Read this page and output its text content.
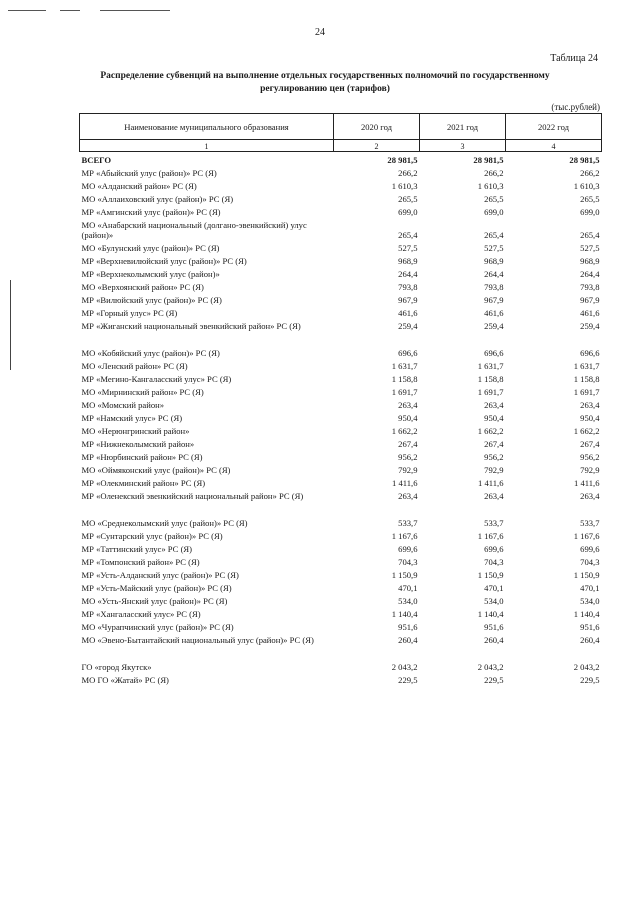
24
Таблица 24
Распределение субвенций на выполнение отдельных государственных полномочий по государственному регулированию цен (тарифов)
(тыс.рублей)
Наименование муниципального образования	2020 год	2021 год	2022 год
1	2	3	4
ВСЕГО	28 981,5	28 981,5	28 981,5
МР «Абыйский улус (район)» РС (Я)	266,2	266,2	266,2
МО «Алданский район» РС (Я)	1 610,3	1 610,3	1 610,3
МО «Аллаиховский улус (район)» РС (Я)	265,5	265,5	265,5
МР «Амгинский улус (район)» РС (Я)	699,0	699,0	699,0
МО «Анабарский национальный (долгано-эвенкийский) улус (район)»	265,4	265,4	265,4
МО «Булунский улус (район)» РС (Я)	527,5	527,5	527,5
МР «Верхневилюйский улус (район)» РС (Я)	968,9	968,9	968,9
МР «Верхнеколымский улус (район)»	264,4	264,4	264,4
МО «Верхоянский район» РС (Я)	793,8	793,8	793,8
МР «Вилюйский улус (район)» РС (Я)	967,9	967,9	967,9
МР «Горный улус» РС (Я)	461,6	461,6	461,6
МР «Жиганский национальный эвенкийский район» РС (Я)	259,4	259,4	259,4

МО «Кобяйский улус (район)» РС (Я)	696,6	696,6	696,6
МО «Ленский район» РС (Я)	1 631,7	1 631,7	1 631,7
МР «Мегино-Кангаласский улус» РС (Я)	1 158,8	1 158,8	1 158,8
МО «Мирнинский район» РС (Я)	1 691,7	1 691,7	1 691,7
МО «Момский район»	263,4	263,4	263,4
МР «Намский улус» РС (Я)	950,4	950,4	950,4
МО «Нерюнгринский район»	1 662,2	1 662,2	1 662,2
МР «Нижнеколымский район»	267,4	267,4	267,4
МР «Нюрбинский район» РС (Я)	956,2	956,2	956,2
МО «Оймяконский улус (район)» РС (Я)	792,9	792,9	792,9
МР «Олекминский район» РС (Я)	1 411,6	1 411,6	1 411,6
МР «Оленекский эвенкийский национальный район» РС (Я)	263,4	263,4	263,4

МО «Среднеколымский улус (район)» РС (Я)	533,7	533,7	533,7
МР «Сунтарский улус (район)» РС (Я)	1 167,6	1 167,6	1 167,6
МР «Таттинский улус» РС (Я)	699,6	699,6	699,6
МР «Томпонский район» РС (Я)	704,3	704,3	704,3
МР «Усть-Алданский улус (район)» РС (Я)	1 150,9	1 150,9	1 150,9
МР «Усть-Майский улус (район)» РС (Я)	470,1	470,1	470,1
МО «Усть-Янский улус (район)» РС (Я)	534,0	534,0	534,0
МР «Хангаласский улус» РС (Я)	1 140,4	1 140,4	1 140,4
МО «Чурапчинский улус (район)» РС (Я)	951,6	951,6	951,6
МО «Эвено-Бытантайский национальный улус (район)» РС (Я)	260,4	260,4	260,4

ГО «город Якутск»	2 043,2	2 043,2	2 043,2
МО ГО «Жатай» РС (Я)	229,5	229,5	229,5
